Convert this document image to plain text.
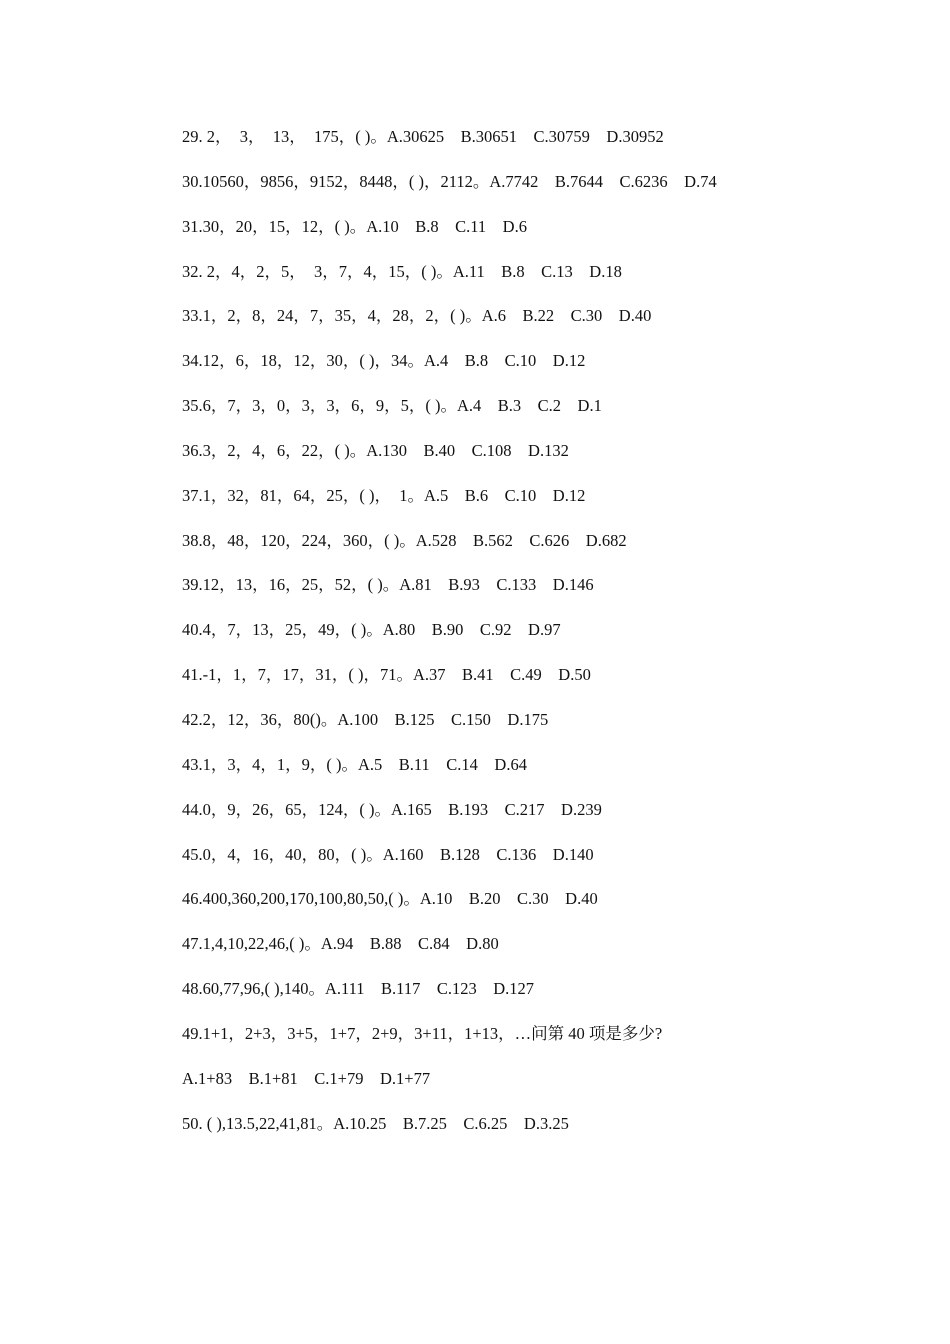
29. 2，  3，  13，  175，( )。A.30625    B.30651    C.30759    D.30952
30.10560，9856，9152，8448，( )，2112。A.7742    B.7644    C.6236    D.74
31.30，20，15，12，( )。A.10    B.8    C.11    D.6
32. 2，4，2，5，  3，7，4，15，( )。A.11    B.8    C.13    D.18
33.1，2，8，24，7，35，4，28，2，( )。A.6    B.22    C.30    D.40
34.12，6，18，12，30，( )，34。A.4    B.8    C.10    D.12
35.6，7，3，0，3，3，6，9，5，( )。A.4    B.3    C.2    D.1
36.3，2，4，6，22，( )。A.130    B.40    C.108    D.132
37.1，32，81，64，25，( )，  1。A.5    B.6    C.10    D.12
38.8，48，120，224，360，( )。A.528    B.562    C.626    D.682
39.12，13，16，25，52，( )。A.81    B.93    C.133    D.146
40.4，7，13，25，49，( )。A.80    B.90    C.92    D.97
41.-1，1，7，17，31，( )，71。A.37    B.41    C.49    D.50
42.2，12，36，80()。A.100    B.125    C.150    D.175
43.1，3，4，1，9，( )。A.5    B.11    C.14    D.64
44.0，9，26，65，124，( )。A.165    B.193    C.217    D.239
45.0，4，16，40，80，( )。A.160    B.128    C.136    D.140
46.400,360,200,170,100,80,50,( )。A.10    B.20    C.30    D.40
47.1,4,10,22,46,( )。A.94    B.88    C.84    D.80
48.60,77,96,( ),140。A.111    B.117    C.123    D.127
49.1+1，2+3，3+5，1+7，2+9，3+11，1+13，…问第 40 项是多少?
A.1+83    B.1+81    C.1+79    D.1+77
50. ( ),13.5,22,41,81。A.10.25    B.7.25    C.6.25    D.3.25
